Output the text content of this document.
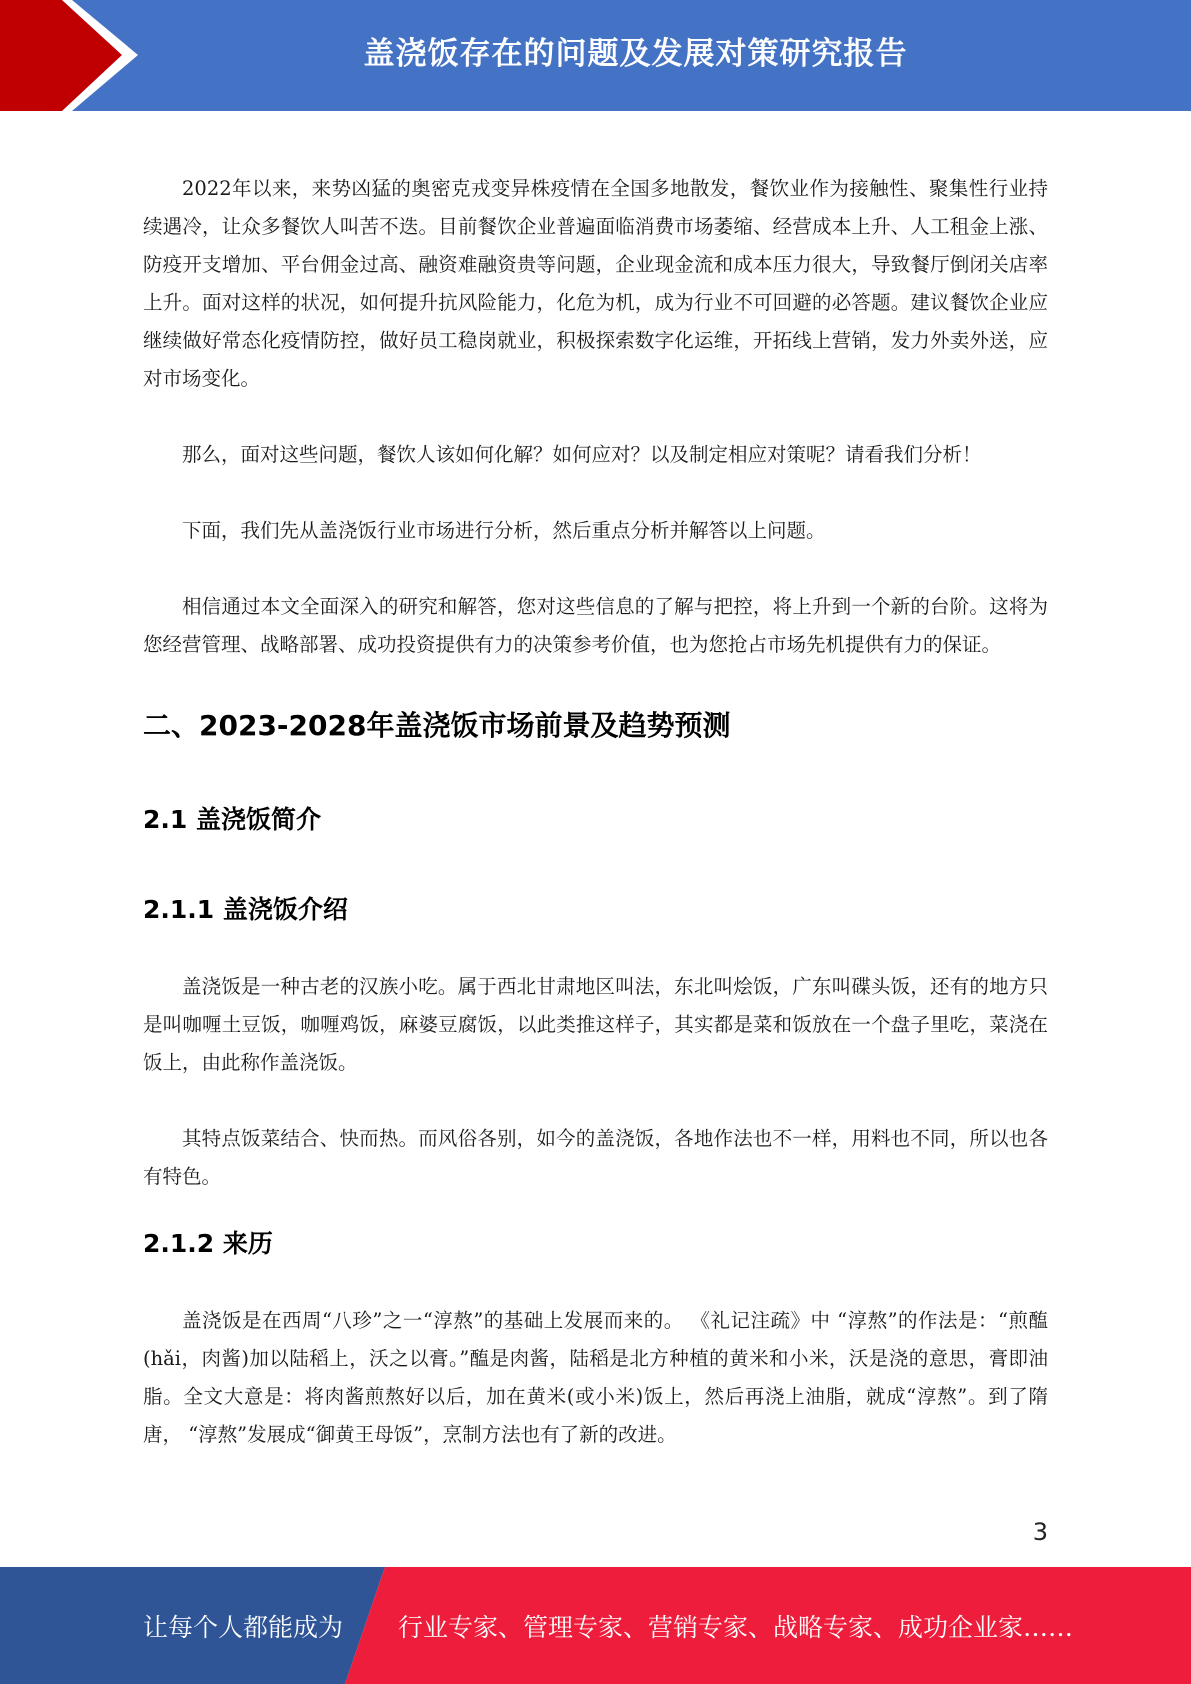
盖浇饭存在的问题及发展对策研究报告

2022年以来，来势凶猛的奥密克戎变异株疫情在全国多地散发，餐饮业作为接触性、聚集性行业持续遇冷，让众多餐饮人叫苦不迭。目前餐饮企业普遍面临消费市场萎缩、经营成本上升、人工租金上涨、防疫开支增加、平台佣金过高、融资难融资贵等问题，企业现金流和成本压力很大，导致餐厅倒闭关店率上升。面对这样的状况，如何提升抗风险能力，化危为机，成为行业不可回避的必答题。建议餐饮企业应继续做好常态化疫情防控，做好员工稳岗就业，积极探索数字化运维，开拓线上营销，发力外卖外送，应对市场变化。

那么，面对这些问题，餐饮人该如何化解？如何应对？以及制定相应对策呢？请看我们分析！

下面，我们先从盖浇饭行业市场进行分析，然后重点分析并解答以上问题。

相信通过本文全面深入的研究和解答，您对这些信息的了解与把控，将上升到一个新的台阶。这将为您经营管理、战略部署、成功投资提供有力的决策参考价值，也为您抢占市场先机提供有力的保证。

二、2023-2028年盖浇饭市场前景及趋势预测
2.1 盖浇饭简介
2.1.1 盖浇饭介绍

盖浇饭是一种古老的汉族小吃。属于西北甘肃地区叫法，东北叫烩饭，广东叫碟头饭，还有的地方只是叫咖喱土豆饭，咖喱鸡饭，麻婆豆腐饭，以此类推这样子，其实都是菜和饭放在一个盘子里吃，菜浇在饭上，由此称作盖浇饭。

其特点饭菜结合、快而热。而风俗各别，如今的盖浇饭，各地作法也不一样，用料也不同，所以也各有特色。

2.1.2 来历

盖浇饭是在西周“八珍”之一“淳熬”的基础上发展而来的。 《礼记注疏》中 “淳熬”的作法是：“煎醢(hǎi，肉酱)加以陆稻上，沃之以膏。”醢是肉酱，陆稻是北方种植的黄米和小米，沃是浇的意思，膏即油脂。全文大意是：将肉酱煎熬好以后，加在黄米(或小米)饭上，然后再浇上油脂，就成“淳熬”。到了隋唐， “淳熬”发展成“御黄王母饭”，烹制方法也有了新的改进。

3
让每个人都能成为 行业专家、管理专家、营销专家、战略专家、成功企业家……
